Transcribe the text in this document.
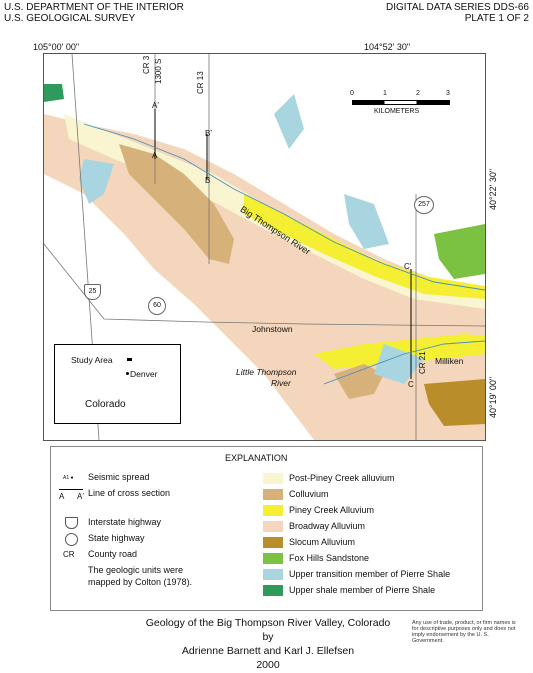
U.S. DEPARTMENT OF THE INTERIOR
U.S. GEOLOGICAL SURVEY
DIGITAL DATA SERIES DDS-66
PLATE 1 OF 2
105°00' 00"	104°52' 30"
40°22' 30"
40°19' 00"
CR 3 1300 S	CR 13
CR 21
A'
A
B'
B
C'
C
Big Thompson River
Little Thompson
River
Johnstown
Milliken
257
60
25
0	1	2	3
KILOMETERS
Study Area
Denver
Colorado
EXPLANATION
A1 ● Seismic spread
A A' Line of cross section
Interstate highway
State highway
CR County road
The geologic units were
mapped by Colton (1978).
Post-Piney Creek alluvium
Colluvium
Piney Creek Alluvium
Broadway Alluvium
Slocum Alluvium
Fox Hills Sandstone
Upper transition member of Pierre Shale
Upper shale member of Pierre Shale
Geology of the Big Thompson River Valley, Colorado
by
Adrienne Barnett and Karl J. Ellefsen
2000
Any use of trade, product, or firm names is for descriptive purposes only and does not imply endorsement by the U. S. Government.
